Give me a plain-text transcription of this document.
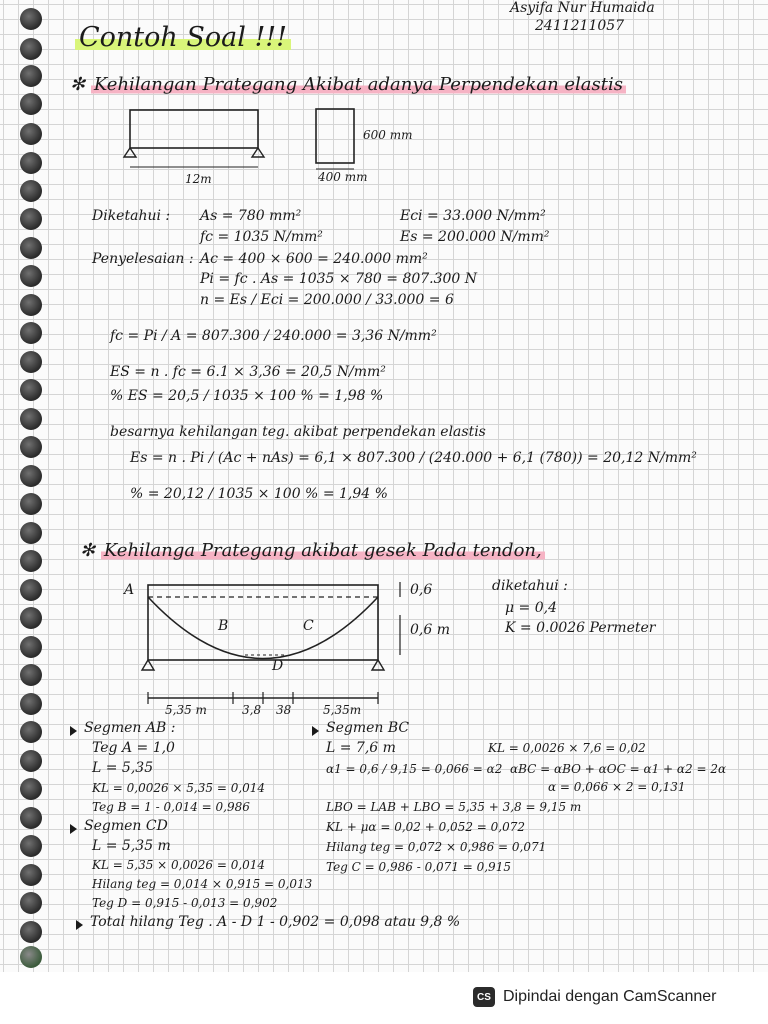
Contoh Soal !!!
Asyifa Nur Humaida
2411211057
✻ Kehilangan Prategang Akibat adanya Perpendekan elastis
12m
600 mm
400 mm
Diketahui : As = 780 mm²
fc = 1035 N/mm²
Eci = 33.000 N/mm²
Es = 200.000 N/mm²
Penyelesaian : Ac = 400 × 600 = 240.000 mm²
Pi = fc . As = 1035 × 780 = 807.300 N
n = Es / Eci = 200.000 / 33.000 = 6
fc = Pi / A = 807.300 / 240.000 = 3,36 N/mm²
ES = n . fc = 6.1 × 3,36 = 20,5 N/mm²
% ES = 20,5 / 1035 × 100 % = 1,98 %
besarnya kehilangan teg. akibat perpendekan elastis
Es = n . Pi / (Ac + nAs) = 6,1 × 807.300 / (240.000 + 6,1 (780)) = 20,12 N/mm²
% = 20,12 / 1035 × 100 % = 1,94 %
✻ Kehilanga Prategang akibat gesek Pada tendon,
A
B	C
D
0,6
0,6 m
5,35 m	3,8 38	5,35m
diketahui :
μ = 0,4
K = 0.0026 Permeter
Segmen AB :
Teg A = 1,0
L = 5,35
KL = 0,0026 × 5,35 = 0,014
Teg B = 1 - 0,014 = 0,986
Segmen CD
L = 5,35 m
KL = 5,35 × 0,0026 = 0,014
Hilang teg = 0,014 × 0,915 = 0,013
Teg D = 0,915 - 0,013 = 0,902
Segmen BC
L = 7,6 m	KL = 0,0026 × 7,6 = 0,02
α1 = 0,6 / 9,15 = 0,066 = α2 αBC = αBO + αOC = α1 + α2 = 2α
α = 0,066 × 2 = 0,131
LBO = LAB + LBO = 5,35 + 3,8 = 9,15 m
KL + μα = 0,02 + 0,052 = 0,072
Hilang teg = 0,072 × 0,986 = 0,071
Teg C = 0,986 - 0,071 = 0,915
Total hilang Teg . A - D 1 - 0,902 = 0,098 atau 9,8 %
CS Dipindai dengan CamScanner
